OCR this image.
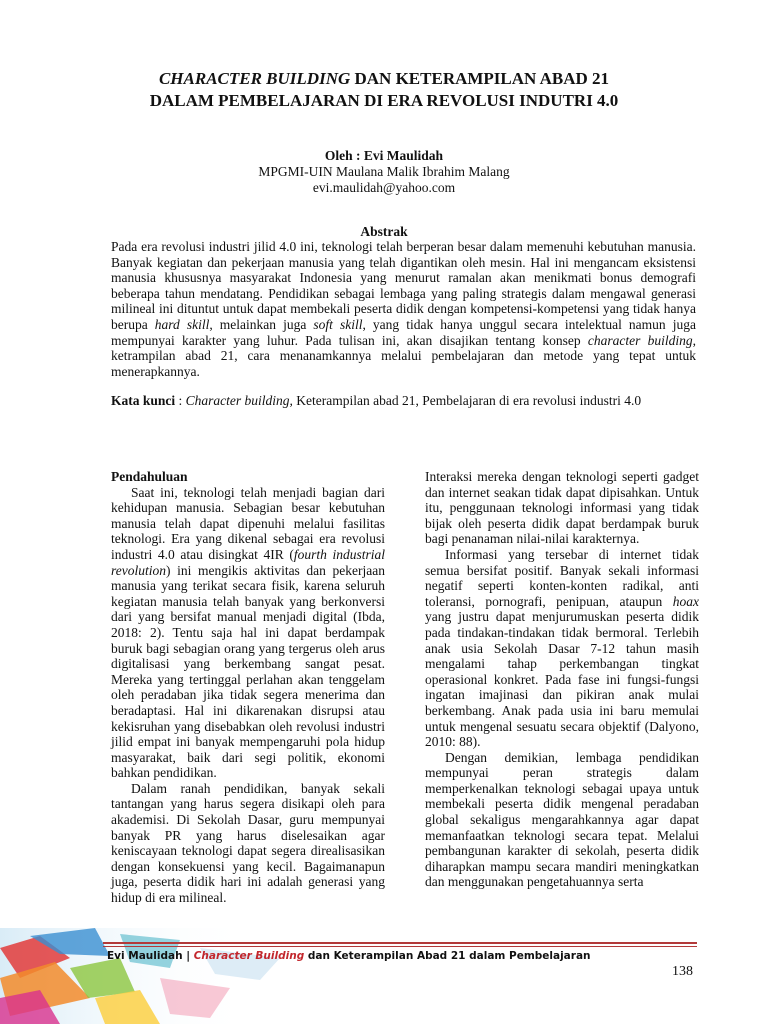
CHARACTER BUILDING DAN KETERAMPILAN ABAD 21
DALAM PEMBELAJARAN DI ERA REVOLUSI INDUTRI 4.0
Oleh : Evi Maulidah
MPGMI-UIN Maulana Malik Ibrahim Malang
evi.maulidah@yahoo.com
Abstrak
Pada era revolusi industri jilid 4.0 ini, teknologi telah berperan besar dalam memenuhi kebutuhan manusia. Banyak kegiatan dan pekerjaan manusia yang telah digantikan oleh mesin. Hal ini mengancam eksistensi manusia khususnya masyarakat Indonesia yang menurut ramalan akan menikmati bonus demografi beberapa tahun mendatang. Pendidikan sebagai lembaga yang paling strategis dalam mengawal generasi milineal ini dituntut untuk dapat membekali peserta didik dengan kompetensi-kompetensi yang tidak hanya berupa hard skill, melainkan juga soft skill, yang tidak hanya unggul secara intelektual namun juga mempunyai karakter yang luhur. Pada tulisan ini, akan disajikan tentang konsep character building, ketrampilan abad 21, cara menanamkannya melalui pembelajaran dan metode yang tepat untuk menerapkannya.
Kata kunci : Character building, Keterampilan abad 21, Pembelajaran di era revolusi industri 4.0
Pendahuluan

Saat ini, teknologi telah menjadi bagian dari kehidupan manusia. Sebagian besar kebutuhan manusia telah dapat dipenuhi melalui fasilitas teknologi. Era yang dikenal sebagai era revolusi industri 4.0 atau disingkat 4IR (fourth industrial revolution) ini mengikis aktivitas dan pekerjaan manusia yang terikat secara fisik, karena seluruh kegiatan manusia telah banyak yang berkonversi dari yang bersifat manual menjadi digital (Ibda, 2018: 2). Tentu saja hal ini dapat berdampak buruk bagi sebagian orang yang tergerus oleh arus digitalisasi yang berkembang sangat pesat. Mereka yang tertinggal perlahan akan tenggelam oleh peradaban jika tidak segera menerima dan beradaptasi. Hal ini dikarenakan disrupsi atau kekisruhan yang disebabkan oleh revolusi industri jilid empat ini banyak mempengaruhi pola hidup masyarakat, baik dari segi politik, ekonomi bahkan pendidikan.

Dalam ranah pendidikan, banyak sekali tantangan yang harus segera disikapi oleh para akademisi. Di Sekolah Dasar, guru mempunyai banyak PR yang harus diselesaikan agar keniscayaan teknologi dapat segera direalisasikan dengan konsekuensi yang kecil. Bagaimanapun juga, peserta didik hari ini adalah generasi yang hidup di era milineal.

Interaksi mereka dengan teknologi seperti gadget dan internet seakan tidak dapat dipisahkan. Untuk itu, penggunaan teknologi informasi yang tidak bijak oleh peserta didik dapat berdampak buruk bagi penanaman nilai-nilai karakternya.

Informasi yang tersebar di internet tidak semua bersifat positif. Banyak sekali informasi negatif seperti konten-konten radikal, anti toleransi, pornografi, penipuan, ataupun hoax yang justru dapat menjurumuskan peserta didik pada tindakan-tindakan tidak bermoral. Terlebih anak usia Sekolah Dasar 7-12 tahun masih mengalami tahap perkembangan tingkat operasional konkret. Pada fase ini fungsi-fungsi ingatan imajinasi dan pikiran anak mulai berkembang. Anak pada usia ini baru memulai untuk mengenal sesuatu secara objektif (Dalyono, 2010: 88).

Dengan demikian, lembaga pendidikan mempunyai peran strategis dalam memperkenalkan teknologi sebagai upaya untuk membekali peserta didik mengenal peradaban global sekaligus mengarahkannya agar dapat memanfaatkan teknologi secara tepat. Melalui pembangunan karakter di sekolah, peserta didik diharapkan mampu secara mandiri meningkatkan dan menggunakan pengetahuannya serta

Evi Maulidah | Character Building dan Keterampilan Abad 21 dalam Pembelajaran
138
